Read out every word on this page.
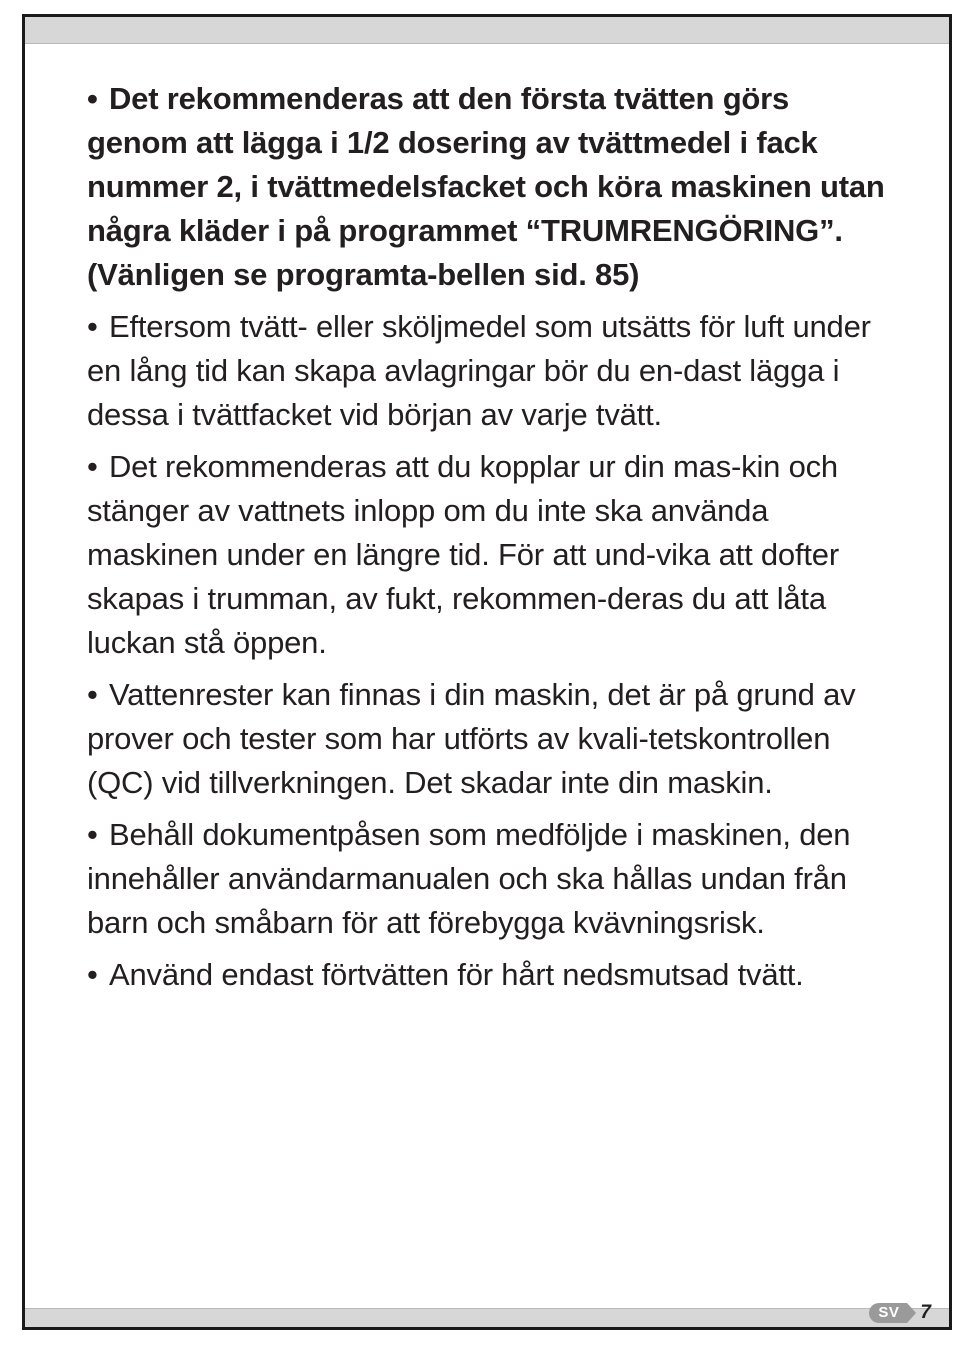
• Det rekommenderas att den första tvätten görs genom att lägga i 1/2 dosering av tvättmedel i fack nummer 2, i tvättmedelsfacket och köra maskinen utan några kläder i på programmet “TRUMRENGÖRING”. (Vänligen se programta-bellen sid. 85)

• Eftersom tvätt- eller sköljmedel som utsätts för luft under en lång tid kan skapa avlagringar bör du en-dast lägga i dessa i tvättfacket vid början av varje tvätt.

• Det rekommenderas att du kopplar ur din mas-kin och stänger av vattnets inlopp om du inte ska använda maskinen under en längre tid. För att und-vika att dofter skapas i trumman, av fukt, rekommen-deras du att låta luckan stå öppen.

• Vattenrester kan finnas i din maskin, det är på grund av prover och tester som har utförts av kvali-tetskontrollen (QC) vid tillverkningen. Det skadar inte din maskin.

• Behåll dokumentpåsen som medföljde i maskinen, den innehåller användarmanualen och ska hållas undan från barn och småbarn för att förebygga kvävningsrisk.

• Använd endast förtvätten för hårt nedsmutsad tvätt.

SV	7
